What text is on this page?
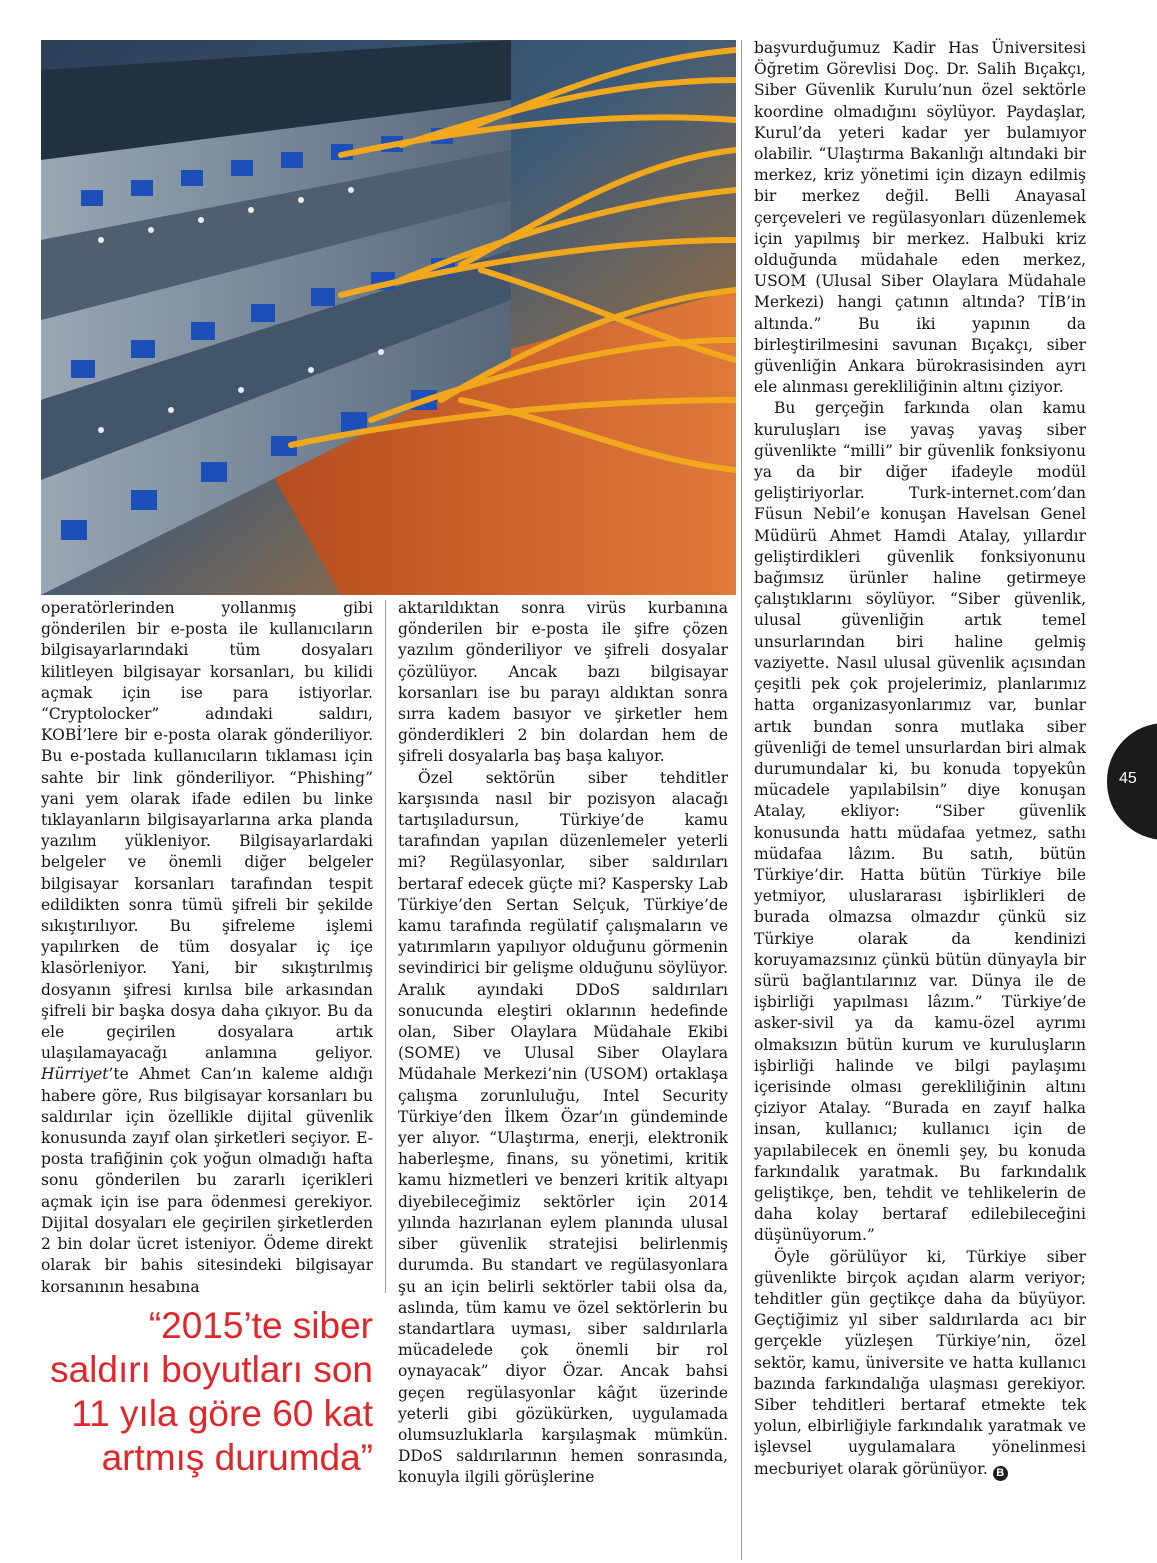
operatörlerinden yollanmış gibi gönderilen bir e-posta ile kullanıcıların bilgisayarlarındaki tüm dosyaları kilitleyen bilgisayar korsanları, bu kilidi açmak için ise para istiyorlar. “Cryptolocker” adındaki saldırı, KOBİ’lere bir e-posta olarak gönderiliyor. Bu e-postada kullanıcıların tıklaması için sahte bir link gönderiliyor. “Phishing” yani yem olarak ifade edilen bu linke tıklayanların bilgisayarlarına arka planda yazılım yükleniyor. Bilgisayarlardaki belgeler ve önemli diğer belgeler bilgisayar korsanları tarafından tespit edildikten sonra tümü şifreli bir şekilde sıkıştırılıyor. Bu şifreleme işlemi yapılırken de tüm dosyalar iç içe klasörleniyor. Yani, bir sıkıştırılmış dosyanın şifresi kırılsa bile arkasından şifreli bir başka dosya daha çıkıyor. Bu da ele geçirilen dosyalara artık ulaşılamayacağı anlamına geliyor. Hürriyet’te Ahmet Can’ın kaleme aldığı habere göre, Rus bilgisayar korsanları bu saldırılar için özellikle dijital güvenlik konusunda zayıf olan şirketleri seçiyor. E-posta trafiğinin çok yoğun olmadığı hafta sonu gönderilen bu zararlı içerikleri açmak için ise para ödenmesi gerekiyor. Dijital dosyaları ele geçirilen şirketlerden 2 bin dolar ücret isteniyor. Ödeme direkt olarak bir bahis sitesindeki bilgisayar korsanının hesabına

“2015’te siber saldırı boyutları son 11 yıla göre 60 kat artmış durumda”

aktarıldıktan sonra virüs kurbanına gönderilen bir e-posta ile şifre çözen yazılım gönderiliyor ve şifreli dosyalar çözülüyor. Ancak bazı bilgisayar korsanları ise bu parayı aldıktan sonra sırra kadem basıyor ve şirketler hem gönderdikleri 2 bin dolardan hem de şifreli dosyalarla baş başa kalıyor.

Özel sektörün siber tehditler karşısında nasıl bir pozisyon alacağı tartışıladursun, Türkiye’de kamu tarafından yapılan düzenlemeler yeterli mi? Regülasyonlar, siber saldırıları bertaraf edecek güçte mi? Kaspersky Lab Türkiye’den Sertan Selçuk, Türkiye’de kamu tarafında regülatif çalışmaların ve yatırımların yapılıyor olduğunu görmenin sevindirici bir gelişme olduğunu söylüyor. Aralık ayındaki DDoS saldırıları sonucunda eleştiri oklarının hedefinde olan, Siber Olaylara Müdahale Ekibi (SOME) ve Ulusal Siber Olaylara Müdahale Merkezi’nin (USOM) ortaklaşa çalışma zorunluluğu, Intel Security Türkiye’den İlkem Özar’ın gündeminde yer alıyor. “Ulaştırma, enerji, elektronik haberleşme, finans, su yönetimi, kritik kamu hizmetleri ve benzeri kritik altyapı diyebileceğimiz sektörler için 2014 yılında hazırlanan eylem planında ulusal siber güvenlik stratejisi belirlenmiş durumda. Bu standart ve regülasyonlara şu an için belirli sektörler tabii olsa da, aslında, tüm kamu ve özel sektörlerin bu standartlara uyması, siber saldırılarla mücadelede çok önemli bir rol oynayacak” diyor Özar. Ancak bahsi geçen regülasyonlar kâğıt üzerinde yeterli gibi gözükürken, uygulamada olumsuzluklarla karşılaşmak mümkün. DDoS saldırılarının hemen sonrasında, konuyla ilgili görüşlerine

başvurduğumuz Kadir Has Üniversitesi Öğretim Görevlisi Doç. Dr. Salih Bıçakçı, Siber Güvenlik Kurulu’nun özel sektörle koordine olmadığını söylüyor. Paydaşlar, Kurul’da yeteri kadar yer bulamıyor olabilir. “Ulaştırma Bakanlığı altındaki bir merkez, kriz yönetimi için dizayn edilmiş bir merkez değil. Belli Anayasal çerçeveleri ve regülasyonları düzenlemek için yapılmış bir merkez. Halbuki kriz olduğunda müdahale eden merkez, USOM (Ulusal Siber Olaylara Müdahale Merkezi) hangi çatının altında? TİB’in altında.” Bu iki yapının da birleştirilmesini savunan Bıçakçı, siber güvenliğin Ankara bürokrasisinden ayrı ele alınması gerekliliğinin altını çiziyor.

Bu gerçeğin farkında olan kamu kuruluşları ise yavaş yavaş siber güvenlikte “milli” bir güvenlik fonksiyonu ya da bir diğer ifadeyle modül geliştiriyorlar. Turk-internet.com’dan Füsun Nebil’e konuşan Havelsan Genel Müdürü Ahmet Hamdi Atalay, yıllardır geliştirdikleri güvenlik fonksiyonunu bağımsız ürünler haline getirmeye çalıştıklarını söylüyor. “Siber güvenlik, ulusal güvenliğin artık temel unsurlarından biri haline gelmiş vaziyette. Nasıl ulusal güvenlik açısından çeşitli pek çok projelerimiz, planlarımız hatta organizasyonlarımız var, bunlar artık bundan sonra mutlaka siber güvenliği de temel unsurlardan biri almak durumundalar ki, bu konuda topyekûn mücadele yapılabilsin” diye konuşan Atalay, ekliyor: “Siber güvenlik konusunda hattı müdafaa yetmez, sathı müdafaa lâzım. Bu satıh, bütün Türkiye’dir. Hatta bütün Türkiye bile yetmiyor, uluslararası işbirlikleri de burada olmazsa olmazdır çünkü siz Türkiye olarak da kendinizi koruyamazsınız çünkü bütün dünyayla bir sürü bağlantılarınız var. Dünya ile de işbirliği yapılması lâzım.” Türkiye’de asker-sivil ya da kamu-özel ayrımı olmaksızın bütün kurum ve kuruluşların işbirliği halinde ve bilgi paylaşımı içerisinde olması gerekliliğinin altını çiziyor Atalay. “Burada en zayıf halka insan, kullanıcı; kullanıcı için de yapılabilecek en önemli şey, bu konuda farkındalık yaratmak. Bu farkındalık geliştikçe, ben, tehdit ve tehlikelerin de daha kolay bertaraf edilebileceğini düşünüyorum.”

Öyle görülüyor ki, Türkiye siber güvenlikte birçok açıdan alarm veriyor; tehditler gün geçtikçe daha da büyüyor. Geçtiğimiz yıl siber saldırılarda acı bir gerçekle yüzleşen Türkiye’nin, özel sektör, kamu, üniversite ve hatta kullanıcı bazında farkındalığa ulaşması gerekiyor. Siber tehditleri bertaraf etmekte tek yolun, elbirliğiyle farkındalık yaratmak ve işlevsel uygulamalara yönelinmesi mecburiyet olarak görünüyor. B

45
